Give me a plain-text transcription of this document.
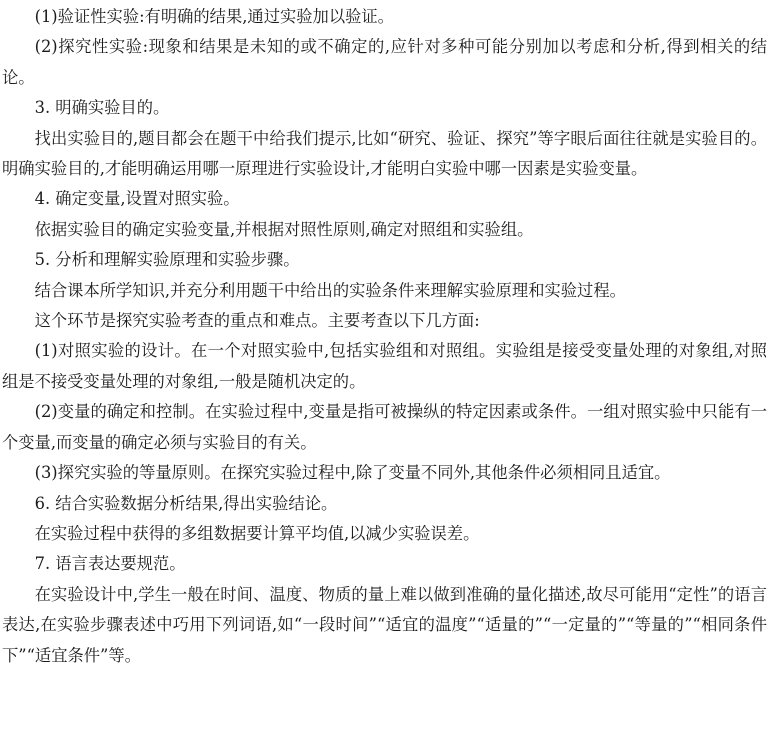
(1)验证性实验:有明确的结果,通过实验加以验证。

(2)探究性实验:现象和结果是未知的或不确定的,应针对多种可能分别加以考虑和分析,得到相关的结论。

3. 明确实验目的。

找出实验目的,题目都会在题干中给我们提示,比如“研究、验证、探究”等字眼后面往往就是实验目的。明确实验目的,才能明确运用哪一原理进行实验设计,才能明白实验中哪一因素是实验变量。

4. 确定变量,设置对照实验。

依据实验目的确定实验变量,并根据对照性原则,确定对照组和实验组。

5. 分析和理解实验原理和实验步骤。

结合课本所学知识,并充分利用题干中给出的实验条件来理解实验原理和实验过程。

这个环节是探究实验考查的重点和难点。主要考查以下几方面:

(1)对照实验的设计。在一个对照实验中,包括实验组和对照组。实验组是接受变量处理的对象组,对照组是不接受变量处理的对象组,一般是随机决定的。

(2)变量的确定和控制。在实验过程中,变量是指可被操纵的特定因素或条件。一组对照实验中只能有一个变量,而变量的确定必须与实验目的有关。

(3)探究实验的等量原则。在探究实验过程中,除了变量不同外,其他条件必须相同且适宜。

6. 结合实验数据分析结果,得出实验结论。

在实验过程中获得的多组数据要计算平均值,以减少实验误差。

7. 语言表达要规范。

在实验设计中,学生一般在时间、温度、物质的量上难以做到准确的量化描述,故尽可能用“定性”的语言表达,在实验步骤表述中巧用下列词语,如“一段时间”“适宜的温度”“适量的”“一定量的”“等量的”“相同条件下”“适宜条件”等。
